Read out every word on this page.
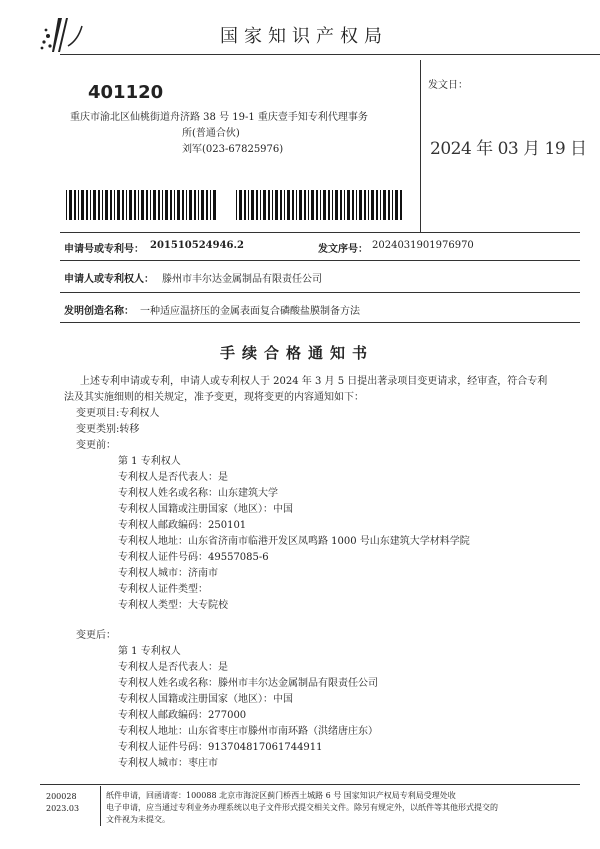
国家知识产权局
401120
重庆市渝北区仙桃街道舟济路 38 号 19-1 重庆壹手知专利代理事务
所(普通合伙)
刘军(023-67825976)
发文日：
2024 年 03 月 19 日
申请号或专利号： 201510524946.2	发文序号： 2024031901976970
申请人或专利权人： 滕州市丰尔达金属制品有限责任公司
发明创造名称： 一种适应温挤压的金属表面复合磷酸盐膜制备方法
手续合格通知书
上述专利申请或专利，申请人或专利权人于 2024 年 3 月 5 日提出著录项目变更请求，经审查，符合专利
法及其实施细则的相关规定，准予变更，现将变更的内容通知如下：
变更项目:专利权人
变更类别:转移
变更前：
第 1 专利权人
专利权人是否代表人：是
专利权人姓名或名称：山东建筑大学
专利权人国籍或注册国家（地区）：中国
专利权人邮政编码：250101
专利权人地址：山东省济南市临港开发区凤鸣路 1000 号山东建筑大学材料学院
专利权人证件号码：49557085-6
专利权人城市：济南市
专利权人证件类型：
专利权人类型：大专院校
变更后：
第 1 专利权人
专利权人是否代表人：是
专利权人姓名或名称：滕州市丰尔达金属制品有限责任公司
专利权人国籍或注册国家（地区）：中国
专利权人邮政编码：277000
专利权人地址：山东省枣庄市滕州市南环路（洪绪唐庄东）
专利权人证件号码：913704817061744911
专利权人城市：枣庄市
200028
2023.03
纸件申请，回函请寄：100088 北京市海淀区蓟门桥西土城路 6 号 国家知识产权局专利局受理处收
电子申请，应当通过专利业务办理系统以电子文件形式提交相关文件。除另有规定外，以纸件等其他形式提交的
文件视为未提交。
